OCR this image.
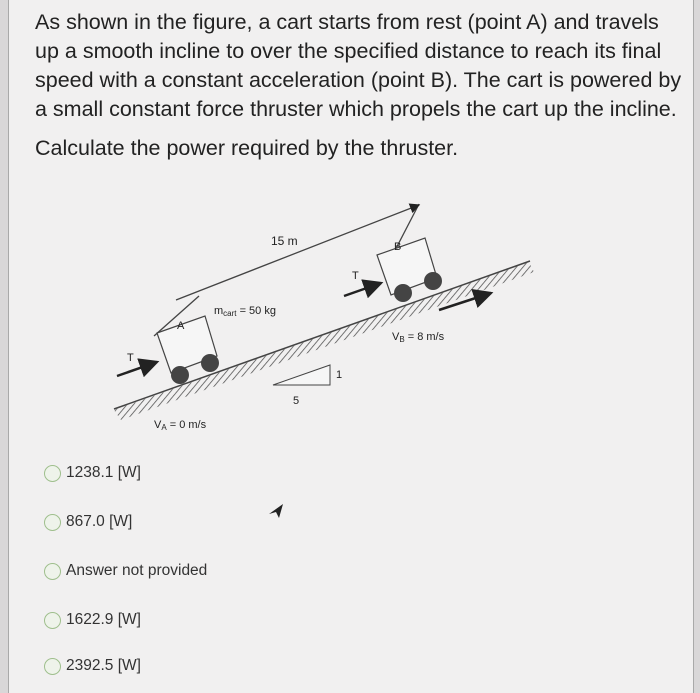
As shown in the figure, a cart starts from rest (point A) and travels up a smooth incline to over the specified distance to reach its final speed with a constant acceleration (point B). The cart is powered by a small constant force thruster which propels the cart up the incline.

Calculate the power required by the thruster.

15 m
A
T
mcart = 50 kg
B
T
VB = 8 m/s
VA = 0 m/s
5
1
1238.1 [W]
867.0 [W]
Answer not provided
1622.9 [W]
2392.5 [W]
